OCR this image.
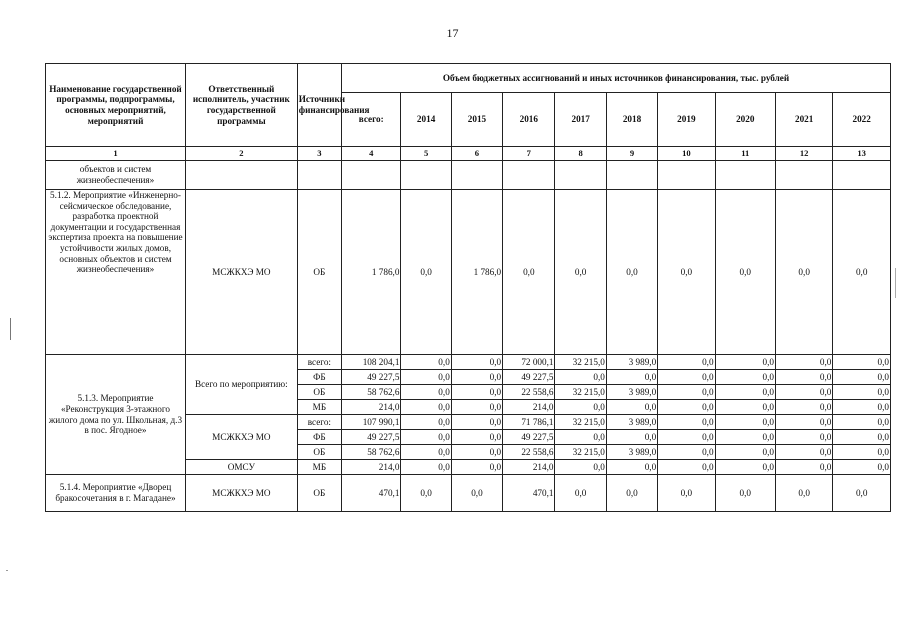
17
Наименование государственной программы, подпрограммы, основных мероприятий, мероприятий	Ответственный исполнитель, участник государственной программы	Источники финансирования	Объем бюджетных ассигнований и иных источников финансирования, тыс. рублей									
			всего:	2014	2015	2016	2017	2018	2019	2020	2021	2022
1	2	3	4	5	6	7	8	9	10	11	12	13
объектов и систем жизнеобеспечения»												
5.1.2. Мероприятие «Инженерно-сейсмическое обследование, разработка проектной документации и государственная экспертиза проекта на повышение устойчивости жилых домов, основных объектов и систем жизнеобеспечения»	МСЖКХЭ МО	ОБ	1 786,0	0,0	1 786,0	0,0	0,0	0,0	0,0	0,0	0,0	0,0
5.1.3. Мероприятие «Реконструкция 3-этажного жилого дома по ул. Школьная, д.3 в пос. Ягодное»	Всего по мероприятию:	всего:	108 204,1	0,0	0,0	72 000,1	32 215,0	3 989,0	0,0	0,0	0,0	0,0
		ФБ	49 227,5	0,0	0,0	49 227,5	0,0	0,0	0,0	0,0	0,0	0,0
		ОБ	58 762,6	0,0	0,0	22 558,6	32 215,0	3 989,0	0,0	0,0	0,0	0,0
		МБ	214,0	0,0	0,0	214,0	0,0	0,0	0,0	0,0	0,0	0,0
	МСЖКХЭ МО	всего:	107 990,1	0,0	0,0	71 786,1	32 215,0	3 989,0	0,0	0,0	0,0	0,0
		ФБ	49 227,5	0,0	0,0	49 227,5	0,0	0,0	0,0	0,0	0,0	0,0
		ОБ	58 762,6	0,0	0,0	22 558,6	32 215,0	3 989,0	0,0	0,0	0,0	0,0
	ОМСУ	МБ	214,0	0,0	0,0	214,0	0,0	0,0	0,0	0,0	0,0	0,0
5.1.4. Мероприятие «Дворец бракосочетания в г. Магадане»	МСЖКХЭ МО	ОБ	470,1	0,0	0,0	470,1	0,0	0,0	0,0	0,0	0,0	0,0
